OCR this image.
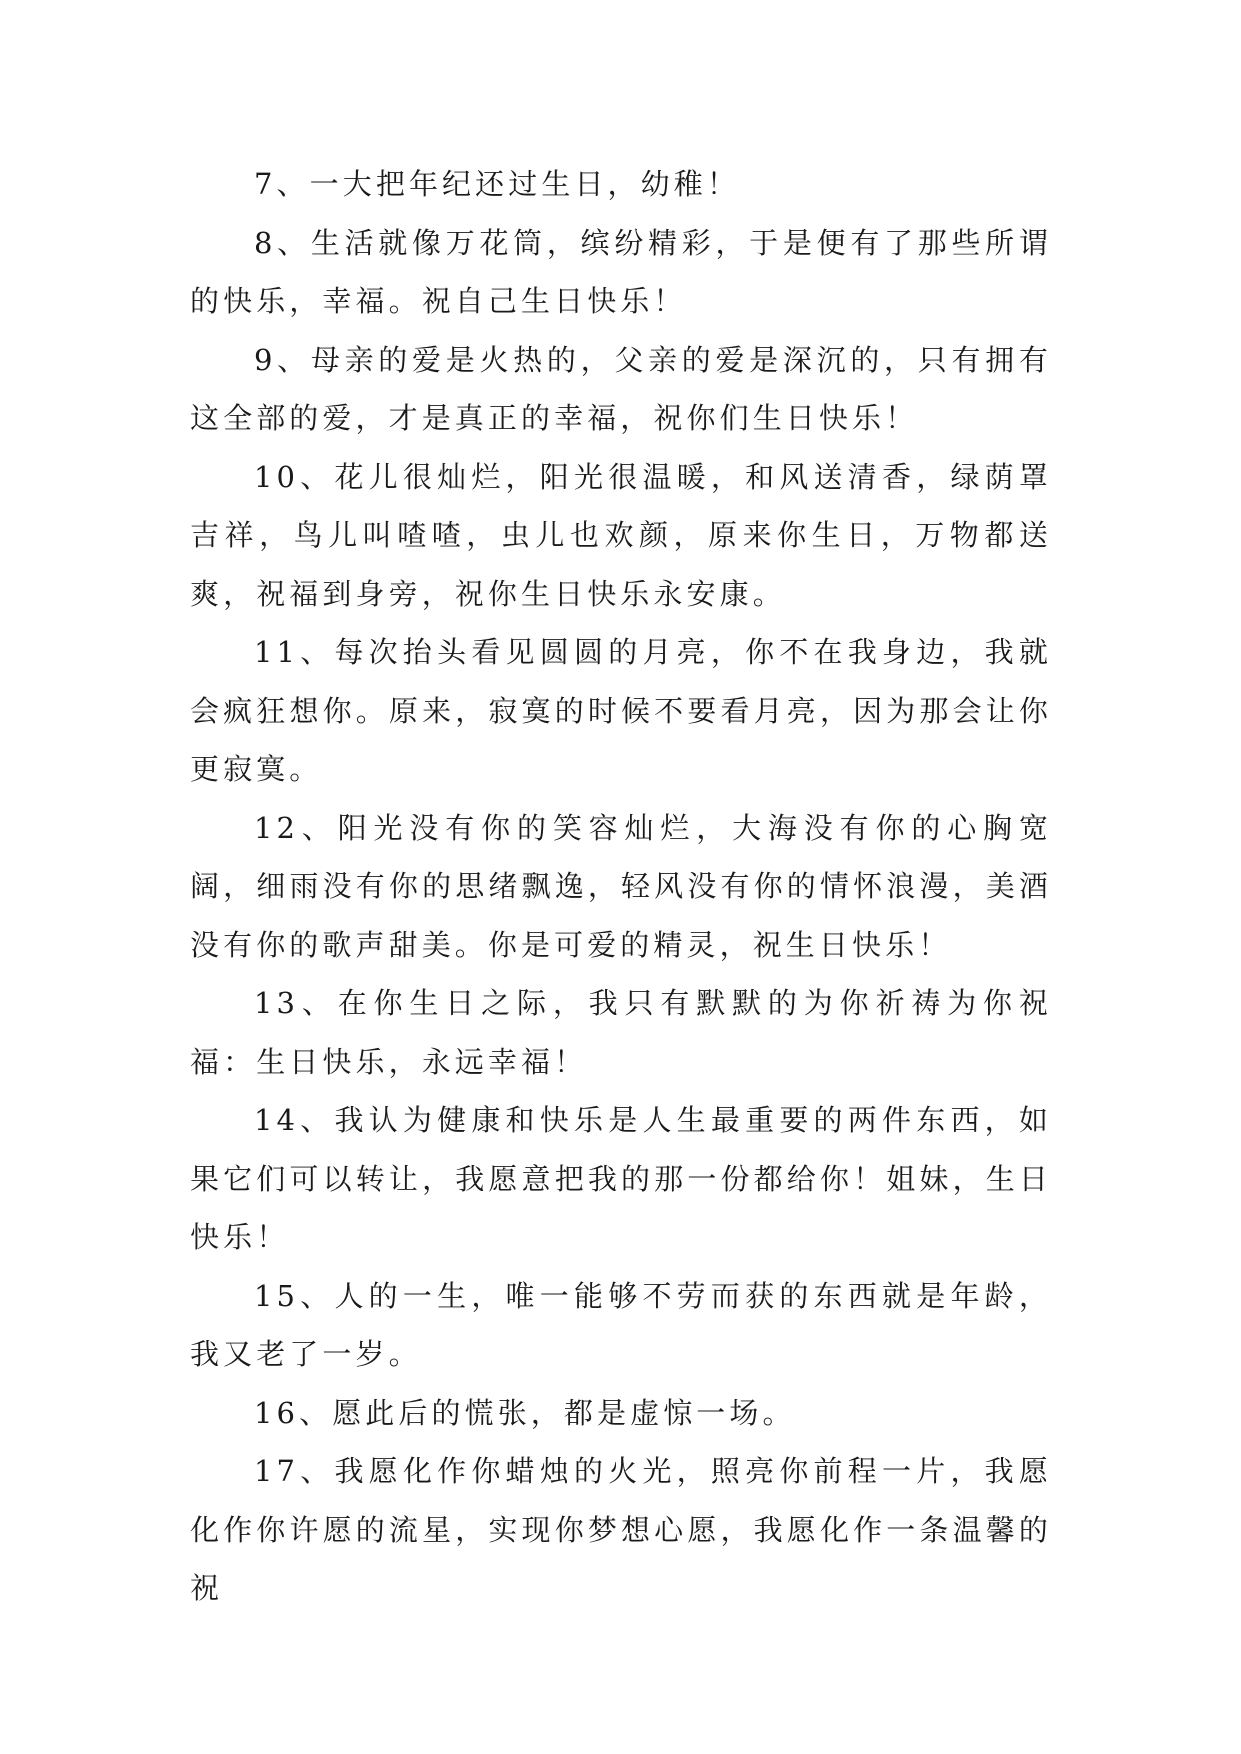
7、一大把年纪还过生日，幼稚！

8、生活就像万花筒，缤纷精彩，于是便有了那些所谓的快乐，幸福。祝自己生日快乐！

9、母亲的爱是火热的，父亲的爱是深沉的，只有拥有这全部的爱，才是真正的幸福，祝你们生日快乐！

10、花儿很灿烂，阳光很温暖，和风送清香，绿荫罩吉祥，鸟儿叫喳喳，虫儿也欢颜，原来你生日，万物都送爽，祝福到身旁，祝你生日快乐永安康。

11、每次抬头看见圆圆的月亮，你不在我身边，我就会疯狂想你。原来，寂寞的时候不要看月亮，因为那会让你更寂寞。

12、阳光没有你的笑容灿烂，大海没有你的心胸宽阔，细雨没有你的思绪飘逸，轻风没有你的情怀浪漫，美酒没有你的歌声甜美。你是可爱的精灵，祝生日快乐！

13、在你生日之际，我只有默默的为你祈祷为你祝福：生日快乐，永远幸福！

14、我认为健康和快乐是人生最重要的两件东西，如果它们可以转让，我愿意把我的那一份都给你！姐妹，生日快乐！

15、人的一生，唯一能够不劳而获的东西就是年龄，我又老了一岁。

16、愿此后的慌张，都是虚惊一场。

17、我愿化作你蜡烛的火光，照亮你前程一片，我愿化作你许愿的流星，实现你梦想心愿，我愿化作一条温馨的祝
